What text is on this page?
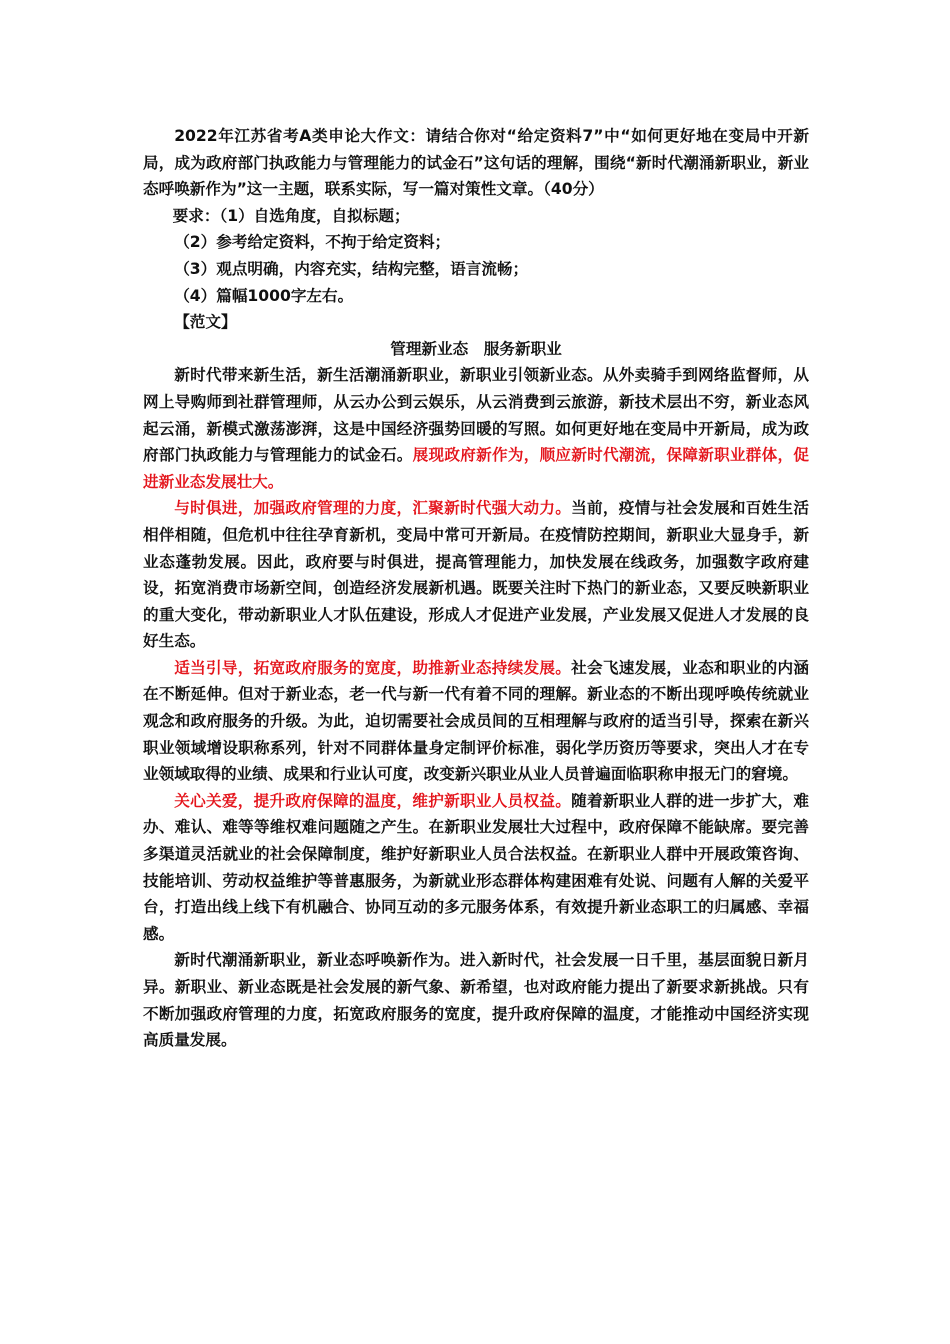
2022年江苏省考A类申论大作文：请结合你对“给定资料7”中“如何更好地在变局中开新局，成为政府部门执政能力与管理能力的试金石”这句话的理解，围绕“新时代潮涌新职业，新业态呼唤新作为”这一主题，联系实际，写一篇对策性文章。（40分）

要求：（1）自选角度，自拟标题；

（2）参考给定资料，不拘于给定资料；

（3）观点明确，内容充实，结构完整，语言流畅；

（4）篇幅1000字左右。

【范文】

管理新业态　服务新职业

新时代带来新生活，新生活潮涌新职业，新职业引领新业态。从外卖骑手到网络监督师，从网上导购师到社群管理师，从云办公到云娱乐，从云消费到云旅游，新技术层出不穷，新业态风起云涌，新模式激荡澎湃，这是中国经济强势回暖的写照。如何更好地在变局中开新局，成为政府部门执政能力与管理能力的试金石。展现政府新作为，顺应新时代潮流，保障新职业群体，促进新业态发展壮大。

与时俱进，加强政府管理的力度，汇聚新时代强大动力。当前，疫情与社会发展和百姓生活相伴相随，但危机中往往孕育新机，变局中常可开新局。在疫情防控期间，新职业大显身手，新业态蓬勃发展。因此，政府要与时俱进，提高管理能力，加快发展在线政务，加强数字政府建设，拓宽消费市场新空间，创造经济发展新机遇。既要关注时下热门的新业态，又要反映新职业的重大变化，带动新职业人才队伍建设，形成人才促进产业发展，产业发展又促进人才发展的良好生态。

适当引导，拓宽政府服务的宽度，助推新业态持续发展。社会飞速发展，业态和职业的内涵在不断延伸。但对于新业态，老一代与新一代有着不同的理解。新业态的不断出现呼唤传统就业观念和政府服务的升级。为此，迫切需要社会成员间的互相理解与政府的适当引导，探索在新兴职业领域增设职称系列，针对不同群体量身定制评价标准，弱化学历资历等要求，突出人才在专业领域取得的业绩、成果和行业认可度，改变新兴职业从业人员普遍面临职称申报无门的窘境。

关心关爱，提升政府保障的温度，维护新职业人员权益。随着新职业人群的进一步扩大，难办、难认、难等等维权难问题随之产生。在新职业发展壮大过程中，政府保障不能缺席。要完善多渠道灵活就业的社会保障制度，维护好新职业人员合法权益。在新职业人群中开展政策咨询、技能培训、劳动权益维护等普惠服务，为新就业形态群体构建困难有处说、问题有人解的关爱平台，打造出线上线下有机融合、协同互动的多元服务体系，有效提升新业态职工的归属感、幸福感。

新时代潮涌新职业，新业态呼唤新作为。进入新时代，社会发展一日千里，基层面貌日新月异。新职业、新业态既是社会发展的新气象、新希望，也对政府能力提出了新要求新挑战。只有不断加强政府管理的力度，拓宽政府服务的宽度，提升政府保障的温度，才能推动中国经济实现高质量发展。
